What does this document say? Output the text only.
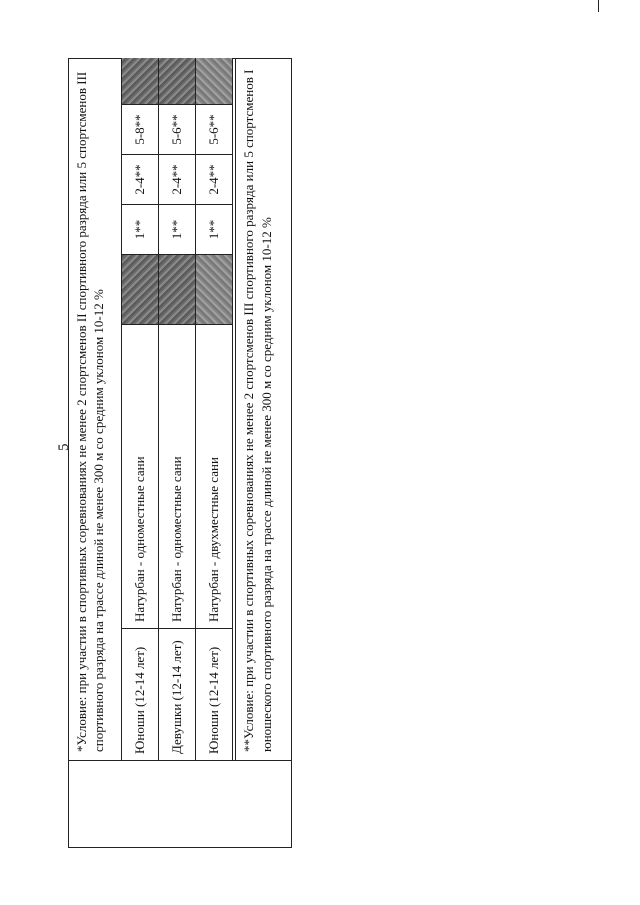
5 *Условие: при участии в спортивных соревнованиях не менее 2 спортсменов II спортивного разряда или 5 спортсменов III спортивного разряда на трассе длиной не менее 300 м со средним уклоном 10-12 %	Юноши (12-14 лет)
Натурбан - одноместные сани
1**
2-4**
5-8**
Девушки (12-14 лет)
Натурбан - одноместные сани
1**
2-4**
5-6**
Юноши (12-14 лет)
Натурбан - двухместные сани
1**
2-4**
5-6**	**Условие: при участии в спортивных соревнованиях не менее 2 спортсменов III спортивного разряда или 5 спортсменов I юношеского спортивного разряда на трассе длиной не менее 300 м со средним уклоном 10-12 %
